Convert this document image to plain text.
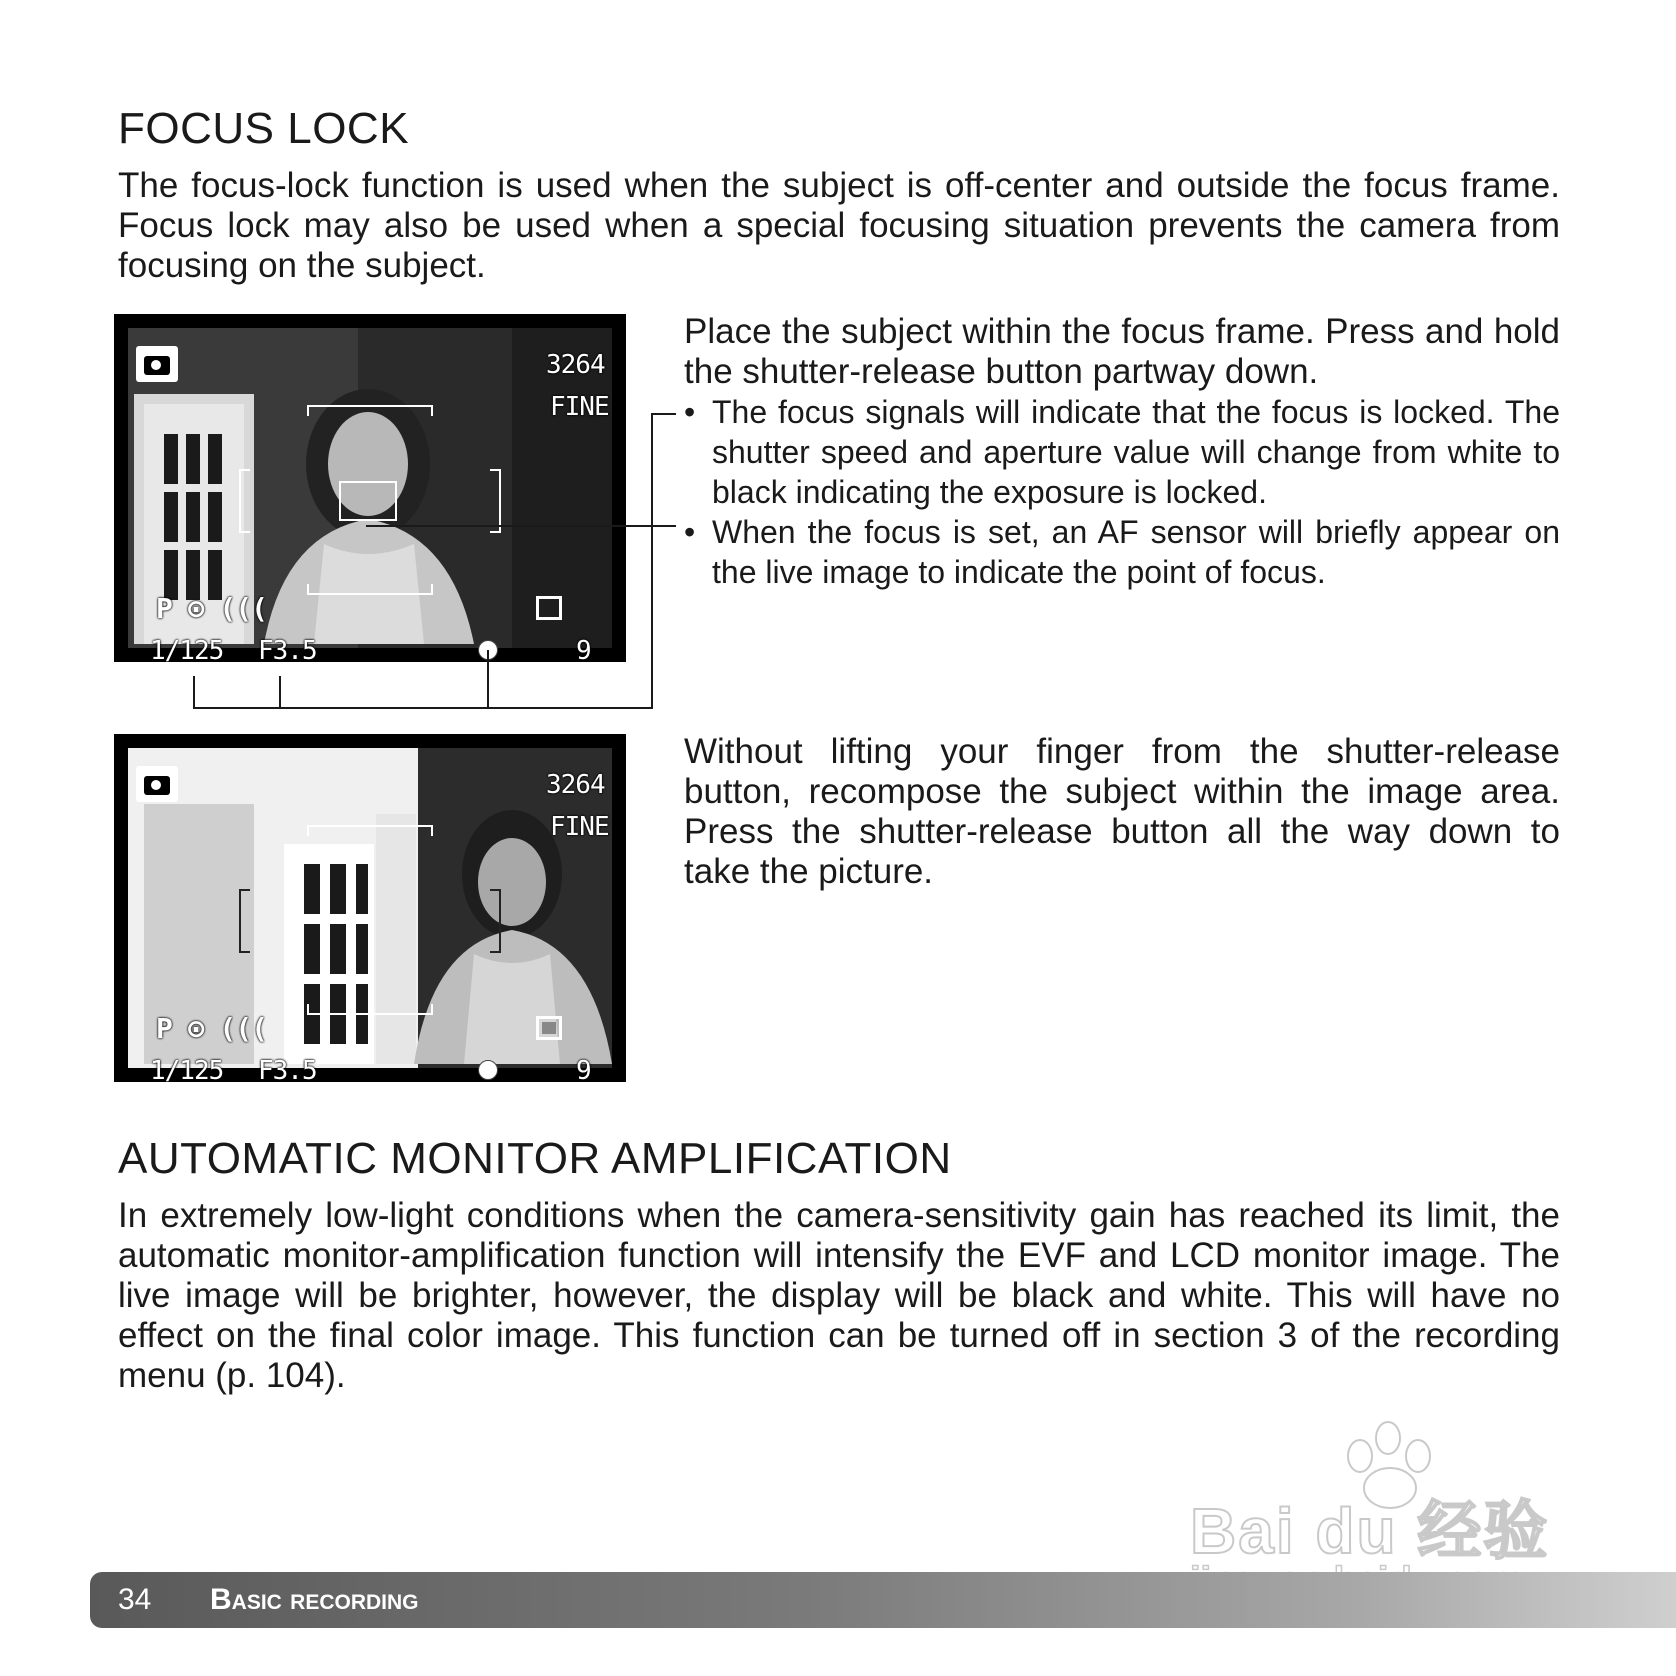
FOCUS LOCK

The focus-lock function is used when the subject is off-center and outside the focus frame. Focus lock may also be used when a special focusing situation prevents the camera from focusing on the subject.

3264
FINE
P ⊙ (((
1/125 F3.5	9

Place the subject within the focus frame. Press and hold the shutter-release button partway down.

• The focus signals will indicate that the focus is locked. The shutter speed and aperture value will change from white to black indicating the exposure is locked.
• When the focus is set, an AF sensor will briefly appear on the live image to indicate the point of focus.
3264
FINE
P ⊙ (((
1/125 F3.5	9

Without lifting your finger from the shutter-release button, recompose the subject within the image area. Press the shutter-release button all the way down to take the picture.

AUTOMATIC MONITOR AMPLIFICATION

In extremely low-light conditions when the camera-sensitivity gain has reached its limit, the automatic monitor-amplification function will intensify the EVF and LCD monitor image. The live image will be brighter, however, the display will be black and white. This will have no effect on the final color image. This function can be turned off in section 3 of the recording menu (p. 104).

Bai du 经验
34 Basic recording
